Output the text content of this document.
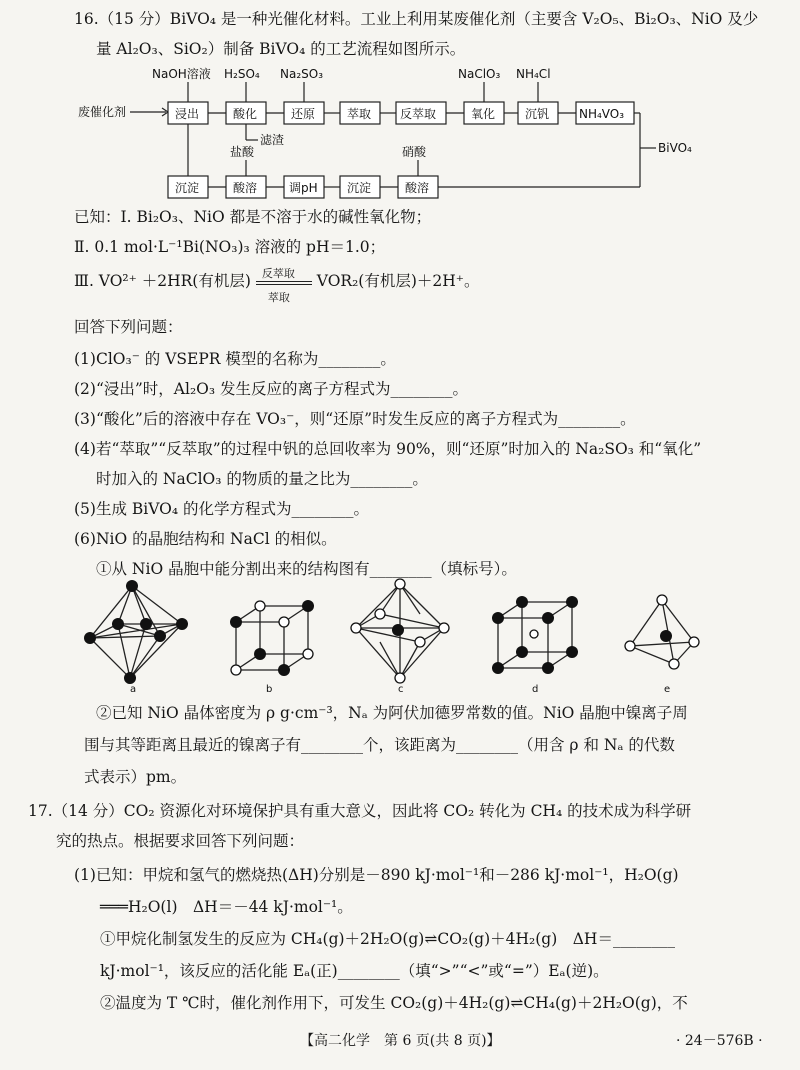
16.（15 分）BiVO₄ 是一种光催化材料。工业上利用某废催化剂（主要含 V₂O₅、Bi₂O₃、NiO 及少
量 Al₂O₃、SiO₂）制备 BiVO₄ 的工艺流程如图所示。
废催化剂	浸出	酸化	还原	萃取 反萃取	氧化 沉钒 NH₄VO₃
NaOH溶液 H₂SO₄ Na₂SO₃	NaClO₃ NH₄Cl
滤渣
沉淀	酸溶	调pH 沉淀	酸溶
盐酸	硝酸	BiVO₄
已知：Ⅰ. Bi₂O₃、NiO 都是不溶于水的碱性氧化物；
Ⅱ. 0.1 mol·L⁻¹Bi(NO₃)₃ 溶液的 pH＝1.0；
Ⅲ. VO²⁺ ＋2HR(有机层) 反萃取
萃取
VOR₂(有机层)＋2H⁺。
回答下列问题：
(1)ClO₃⁻ 的 VSEPR 模型的名称为________。
(2)“浸出”时，Al₂O₃ 发生反应的离子方程式为________。
(3)“酸化”后的溶液中存在 VO₃⁻，则“还原”时发生反应的离子方程式为________。
(4)若“萃取”“反萃取”的过程中钒的总回收率为 90%，则“还原”时加入的 Na₂SO₃ 和“氧化”
时加入的 NaClO₃ 的物质的量之比为________。
(5)生成 BiVO₄ 的化学方程式为________。
(6)NiO 的晶胞结构和 NaCl 的相似。
①从 NiO 晶胞中能分割出来的结构图有________（填标号）。
a	b	c	d	e
②已知 NiO 晶体密度为 ρ g·cm⁻³，Nₐ 为阿伏加德罗常数的值。NiO 晶胞中镍离子周
围与其等距离且最近的镍离子有________个，该距离为________（用含 ρ 和 Nₐ 的代数
式表示）pm。
17.（14 分）CO₂ 资源化对环境保护具有重大意义，因此将 CO₂ 转化为 CH₄ 的技术成为科学研
究的热点。根据要求回答下列问题：
(1)已知：甲烷和氢气的燃烧热(ΔH)分别是－890 kJ·mol⁻¹和－286 kJ·mol⁻¹，H₂O(g)
═══H₂O(l)　ΔH＝－44 kJ·mol⁻¹。
①甲烷化制氢发生的反应为 CH₄(g)＋2H₂O(g)⇌CO₂(g)＋4H₂(g)　ΔH＝________
kJ·mol⁻¹，该反应的活化能 Eₐ(正)________（填“>”“<”或“=”）Eₐ(逆)。
②温度为 T ℃时，催化剂作用下，可发生 CO₂(g)＋4H₂(g)⇌CH₄(g)＋2H₂O(g)，不
【高二化学　第 6 页(共 8 页)】	· 24－576B ·
